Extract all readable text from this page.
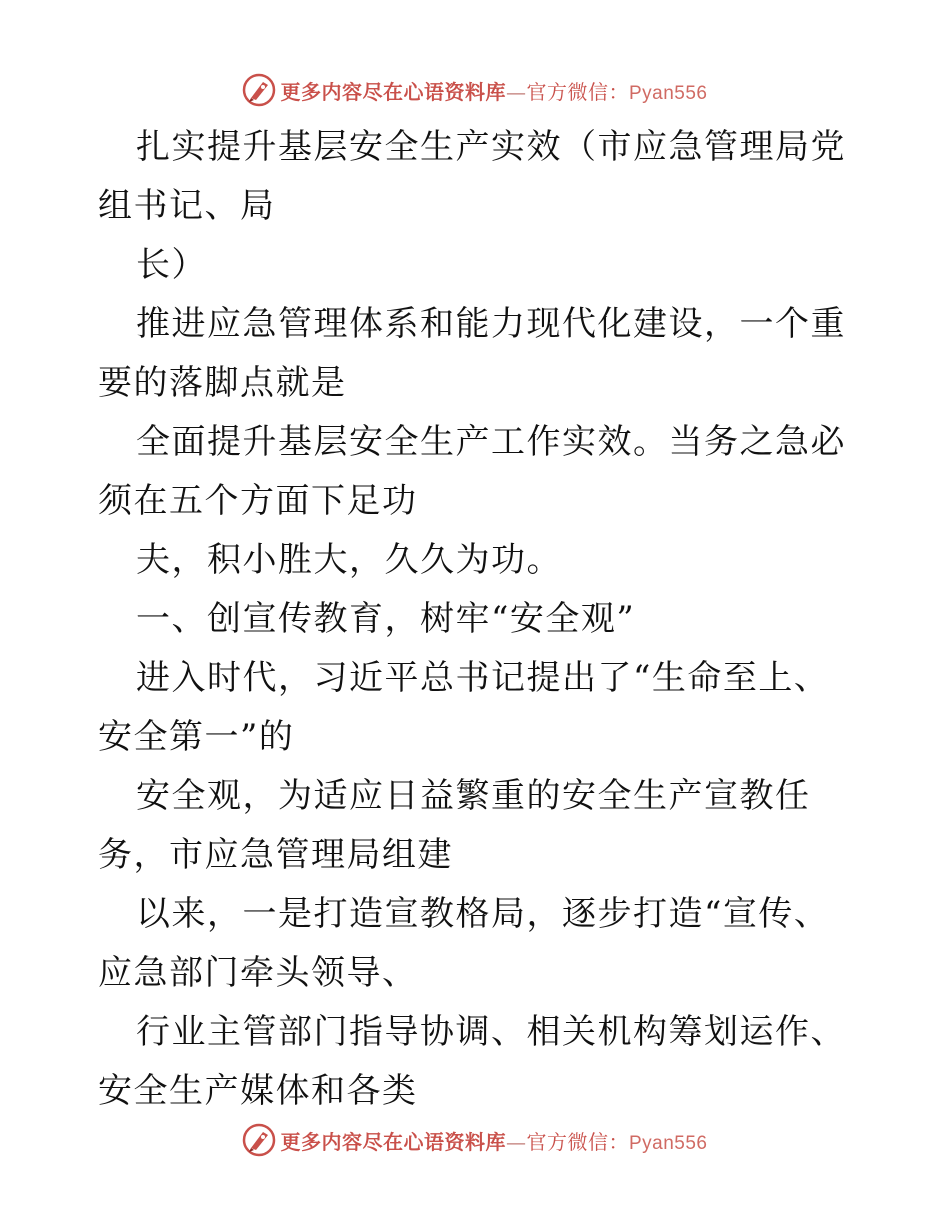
更多内容尽在心语资料库—官方微信：Pyan556

扎实提升基层安全生产实效（市应急管理局党组书记、局

长）

推进应急管理体系和能力现代化建设，一个重要的落脚点就是

全面提升基层安全生产工作实效。当务之急必须在五个方面下足功

夫，积小胜大，久久为功。

一、创宣传教育，树牢“安全观”

进入时代，习近平总书记提出了“生命至上、安全第一”的

安全观，为适应日益繁重的安全生产宣教任务，市应急管理局组建

以来，一是打造宣教格局，逐步打造“宣传、应急部门牵头领导、

行业主管部门指导协调、相关机构筹划运作、安全生产媒体和各类

更多内容尽在心语资料库—官方微信：Pyan556
